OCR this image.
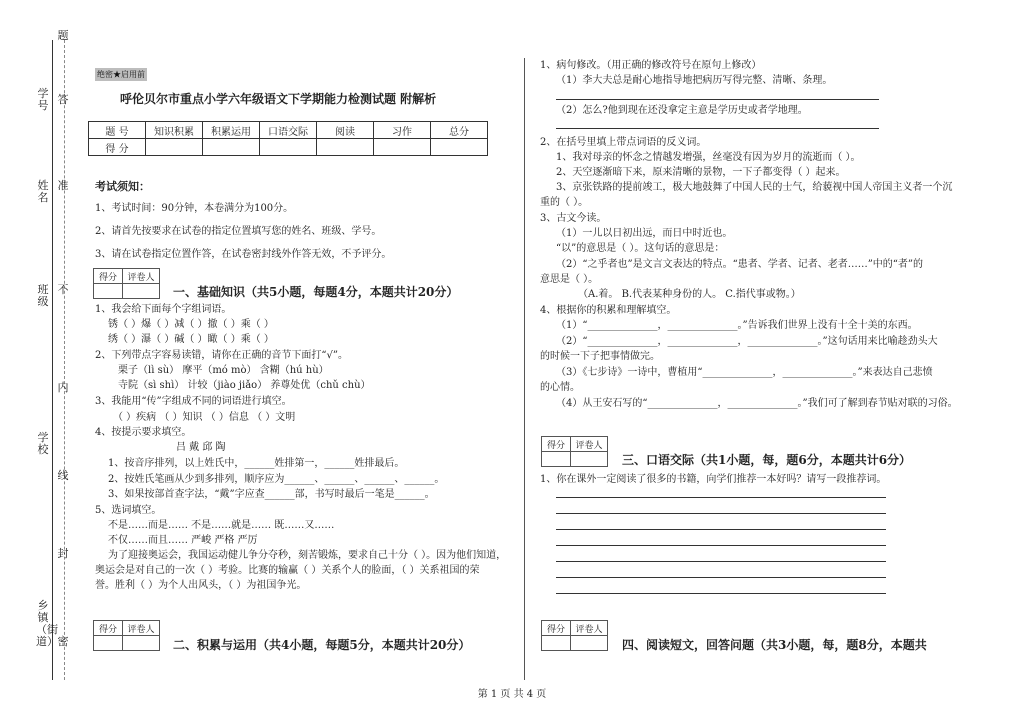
题
学号 答
姓名
准
班级
不
内
学校
线
封
乡镇（街道） 密
绝密★启用前
呼伦贝尔市重点小学六年级语文下学期能力检测试题 附解析
题 号	知识积累	积累运用	口语交际	阅读	习作	总分
得 分						
考试须知：
1、考试时间：90分钟，本卷满分为100分。
2、请首先按要求在试卷的指定位置填写您的姓名、班级、学号。
3、请在试卷指定位置作答，在试卷密封线外作答无效，不予评分。
得分	评卷人

一、基础知识（共5小题，每题4分，本题共计20分）
1、我会给下面每个字组词语。
锈（ ）爆（ ）减（ ）撤（ ）乘（ ）
绣（ ）瀑（ ）碱（ ）瞰（ ）乘（ ）
2、下列带点字容易读错，请你在正确的音节下面打“√”。
栗子（lì sù） 摩平（mó mò） 含糊（hú hù）
寺院（sì shì） 计较（jiào jiǎo） 养尊处优（chǔ chù）
3、我能用“传”字组成不同的词语进行填空。
（ ）疾病 （ ）知识 （ ）信息 （ ）文明
4、按提示要求填空。
吕 戴 邱 陶
1、按音序排列，以上姓氏中，______姓排第一，______姓排最后。
2、按姓氏笔画从少到多排列，顺序应为______、______、______、______。
3、如果按部首查字法，“戴”字应查______部，书写时最后一笔是______。
5、选词填空。
不是……而是…… 不是……就是…… 既……又……
不仅……而且…… 严峻 严格 严厉
为了迎接奥运会，我国运动健儿争分夺秒，刻苦锻炼，要求自己十分（ ）。因为他们知道，
奥运会是对自己的一次（ ）考验。比赛的输赢（ ）关系个人的脸面，（ ）关系祖国的荣
誉。胜利（ ）为个人出风头，（ ）为祖国争光。
得分	评卷人

二、积累与运用（共4小题，每题5分，本题共计20分）
1、病句修改。（用正确的修改符号在原句上修改）
（1）李大夫总是耐心地指导地把病历写得完整、清晰、条理。
（2）怎么?他到现在还没拿定主意是学历史或者学地理。
2、在括号里填上带点词语的反义词。
1、我对母亲的怀念之情越发增强，丝毫没有因为岁月的流逝而（ ）。
2、天空逐渐暗下来，原来清晰的景物，一下子都变得（ ）起来。
3、京张铁路的提前竣工，极大地鼓舞了中国人民的士气，给藐视中国人帝国主义者一个沉
重的（ ）。
3、古文今读。
（1）一儿以日初出远，而日中时近也。
“以”的意思是（ ）。这句话的意思是：
（2）“之乎者也”是文言文表达的特点。“患者、学者、记者、老者……”中的“者”的
意思是（ ）。
（A.着。 B.代表某种身份的人。 C.指代事或物。）
4、根据你的积累和理解填空。
（1）“______________，______________。”告诉我们世界上没有十全十美的东西。
（2）“______________，______________，______________。”这句话用来比喻趁劲头大
的时候一下子把事情做完。
（3）《七步诗》一诗中，曹植用“______________，______________。”来表达自己悲愤
的心情。
（4）从王安石写的“______________，______________。”我们可了解到春节贴对联的习俗。
得分	评卷人

三、口语交际（共1小题，每，题6分，本题共计6分）
1、你在课外一定阅读了很多的书籍，向学们推荐一本好吗？请写一段推荐词。
得分	评卷人

四、阅读短文，回答问题（共3小题，每，题8分，本题共
第 1 页 共 4 页
